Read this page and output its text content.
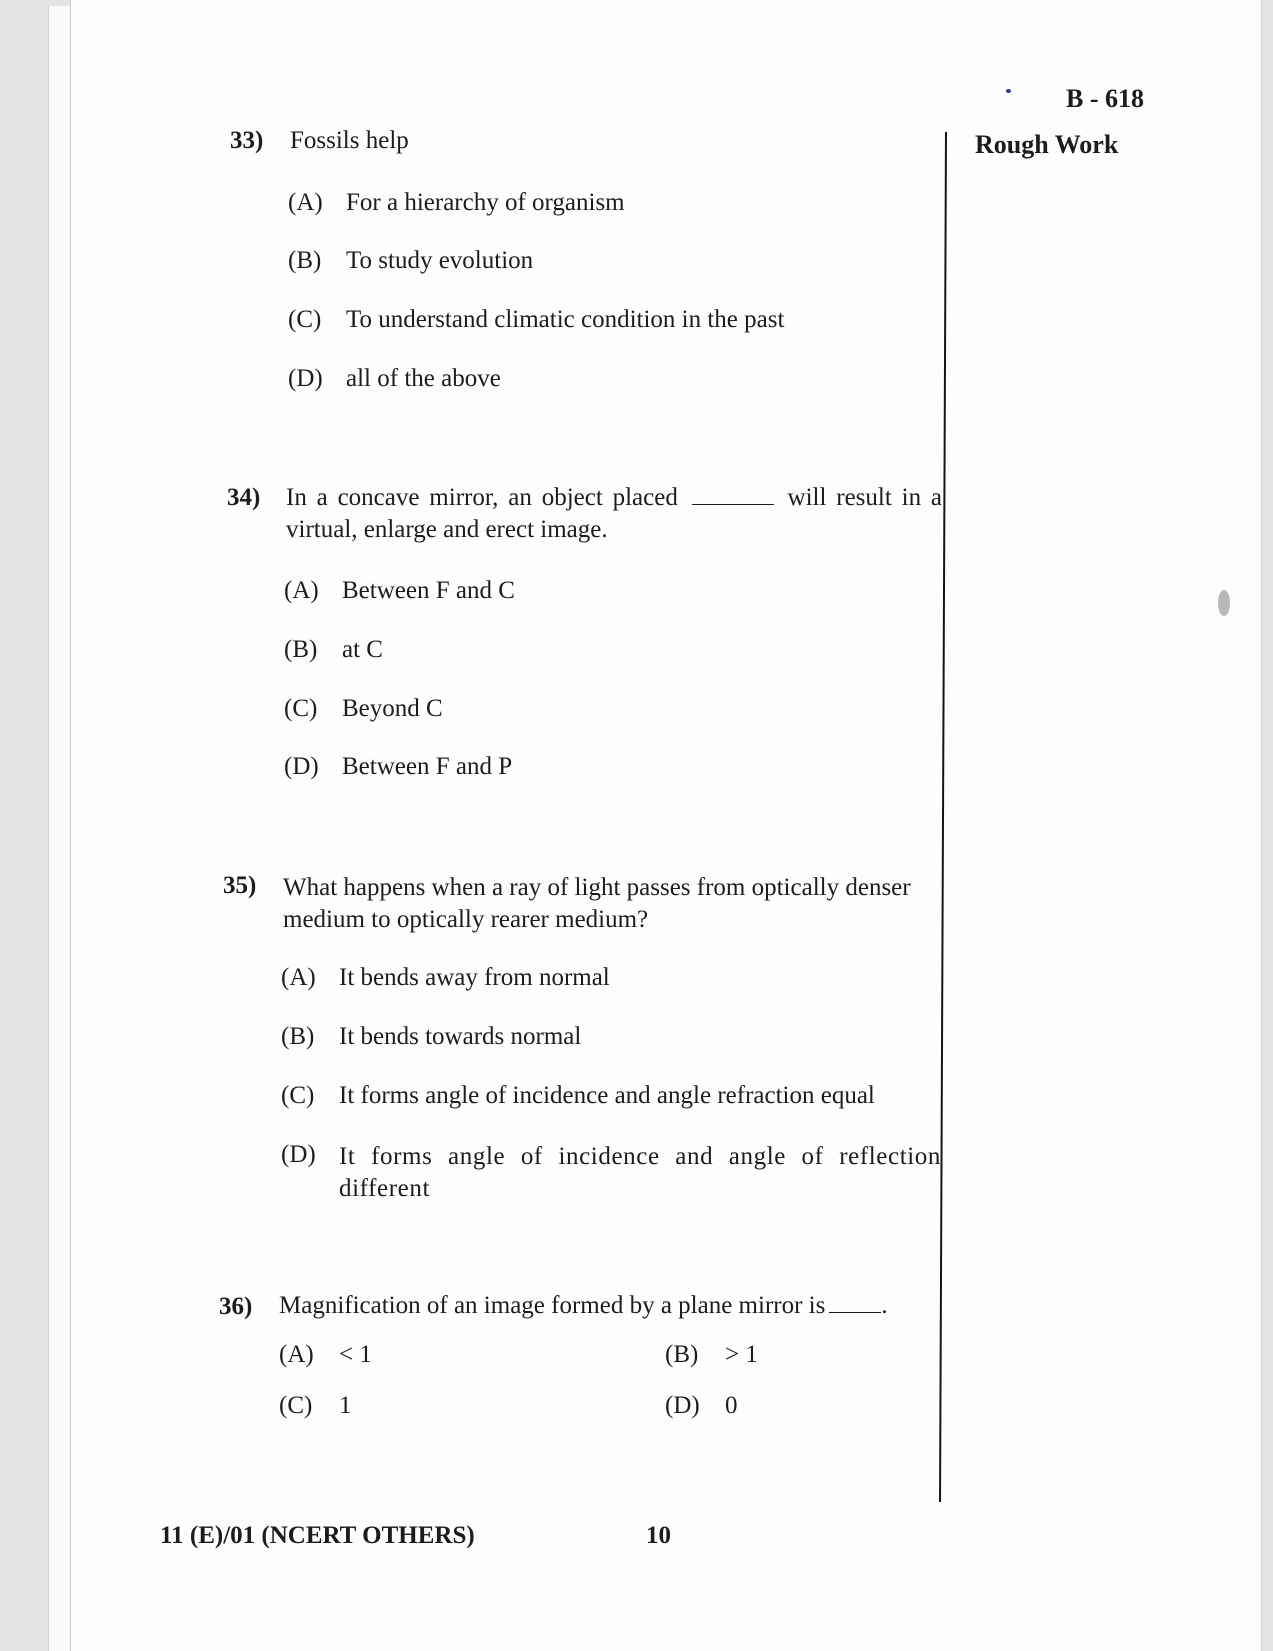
B - 618
Rough Work
33) Fossils help
(A) For a hierarchy of organism
(B) To study evolution
(C) To understand climatic condition in the past
(D) all of the above
34) In a concave mirror, an object placed	will result in a virtual, enlarge and erect image.
(A) Between F and C
(B) at C
(C) Beyond C
(D) Between F and P
35) What happens when a ray of light passes from optically denser medium to optically rearer medium?
(A) It bends away from normal
(B) It bends towards normal
(C) It forms angle of incidence and angle refraction equal
(D) It forms angle of incidence and angle of reflection different
36) Magnification of an image formed by a plane mirror is .
(A) < 1	(B) > 1
(C) 1	(D) 0
11 (E)/01 (NCERT OTHERS)	10
